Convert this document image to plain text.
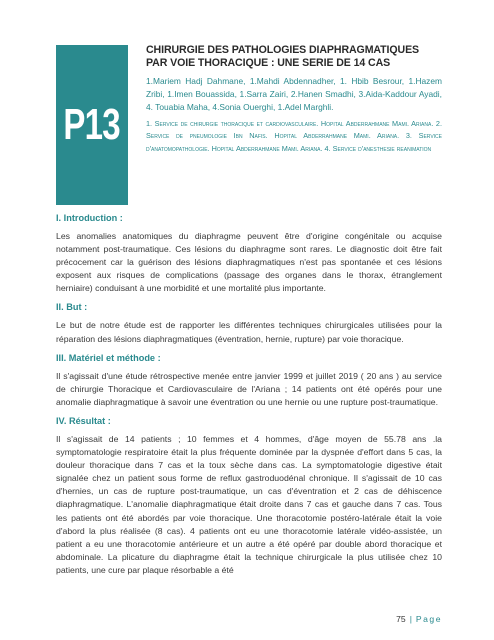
P13
CHIRURGIE DES PATHOLOGIES DIAPHRAGMATIQUES PAR VOIE THORACIQUE : UNE SERIE DE 14 CAS

1.Mariem Hadj Dahmane, 1.Mahdi Abdennadher, 1. Hbib Besrour, 1.Hazem Zribi, 1.Imen Bouassida, 1.Sarra Zairi, 2.Hanen Smadhi, 3.Aida-Kaddour Ayadi, 4. Touabia Maha, 4.Sonia Ouerghi, 1.Adel Marghli.

1. Service de chirurgie thoracique et cardiovasculaire. Hopital Abderrahmane Mami. Ariana. 2. Service de pneumologie Ibn Nafis. Hopital Abderrahmane Mami. Ariana. 3. Service d'anatomopathologie. Hopital Abderrahmane Mami. Ariana. 4. Service d'anesthesie reanimation

I. Introduction :

Les anomalies anatomiques du diaphragme peuvent être d'origine congénitale ou acquise notamment post-traumatique. Ces lésions du diaphragme sont rares. Le diagnostic doit être fait précocement car la guérison des lésions diaphragmatiques n'est pas spontanée et ces lésions exposent aux risques de complications (passage des organes dans le thorax, étranglement herniaire) conduisant à une morbidité et une mortalité plus importante.

II. But :

Le but de notre étude est de rapporter les différentes techniques chirurgicales utilisées pour la réparation des lésions diaphragmatiques (éventration, hernie, rupture) par voie thoracique.

III. Matériel et méthode :

Il s'agissait d'une étude rétrospective menée entre janvier 1999 et juillet 2019 ( 20 ans ) au service de chirurgie Thoracique et Cardiovasculaire de l'Ariana ; 14 patients ont été opérés pour une anomalie diaphragmatique à savoir une éventration ou une hernie ou une rupture post-traumatique.

IV. Résultat :

Il s'agissait de 14 patients ; 10 femmes et 4 hommes, d'âge moyen de 55.78 ans .la symptomatologie respiratoire était la plus fréquente dominée par la dyspnée d'effort dans 5 cas, la douleur thoracique dans 7 cas et la toux sèche dans cas. La symptomatologie digestive était signalée chez un patient sous forme de reflux gastroduodénal chronique. Il s'agissait de 10 cas d'hernies, un cas de rupture post-traumatique, un cas d'éventration et 2 cas de déhiscence diaphragmatique. L'anomalie diaphragmatique était droite dans 7 cas et gauche dans 7 cas. Tous les patients ont été abordés par voie thoracique. Une thoracotomie postéro-latérale était la voie d'abord la plus réalisée (8 cas). 4 patients ont eu une thoracotomie latérale vidéo-assistée, un patient a eu une thoracotomie antérieure et un autre a été opéré par double abord thoracique et abdominale. La plicature du diaphragme était la technique chirurgicale la plus utilisée chez 10 patients, une cure par plaque résorbable a été

75 | Page
